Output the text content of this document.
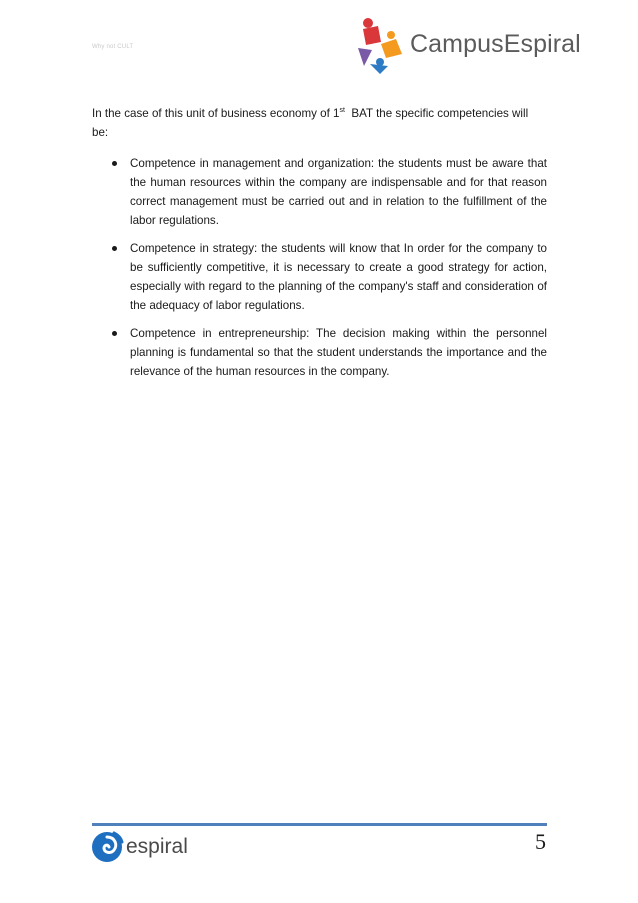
Why not CULT	CampusEspiral

In the case of this unit of business economy of 1st  BAT the specific competencies will be:

Competence in management and organization: the students must be aware that the human resources within the company are indispensable and for that reason correct management must be carried out and in relation to the fulfillment of the labor regulations.
Competence in strategy: the students will know that In order for the company to be sufficiently competitive, it is necessary to create a good strategy for action, especially with regard to the planning of the company's staff and consideration of the adequacy of labor regulations.
Competence in entrepreneurship: The decision making within the personnel planning is fundamental so that the student understands the importance and the relevance of the human resources in the company.
espiral	5
